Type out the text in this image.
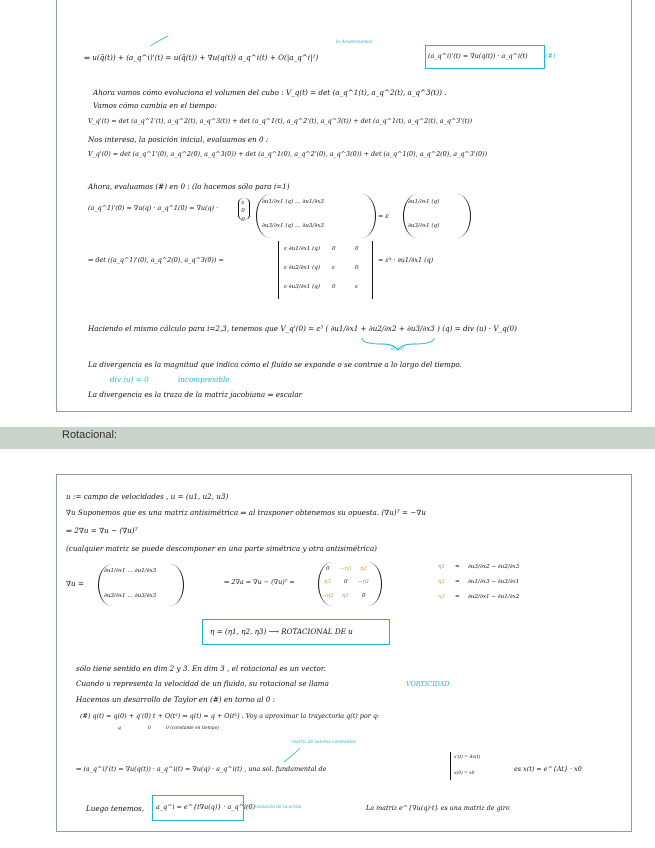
⇒ u(q̃(t)) + (a_q^i)'(t) = u(q̃(t)) + ∇u(q(t)) a_q^i(t) + O(|a_q^i|²)
lo despreciamos
(a_q^i)'(t) = ∇u(q(t)) · a_q^i(t)	(#)
Ahora vamos cómo evoluciona el volumen del cubo : V_q(t) = det (a_q^1(t), a_q^2(t), a_q^3(t)) .
Vamos cómo cambia en el tiempo:
V_q'(t) = det (a_q^1'(t), a_q^2(t), a_q^3(t)) + det (a_q^1(t), a_q^2'(t), a_q^3(t)) + det (a_q^1(t), a_q^2(t), a_q^3'(t))
Nos interesa, la posición inicial, evaluamos en 0 :
V_q'(0) = det (a_q^1'(0), a_q^2(0), a_q^3(0)) + det (a_q^1(0), a_q^2'(0), a_q^3(0)) + det (a_q^1(0), a_q^2(0), a_q^3'(0))
Ahora, evaluamos (#) en 0 : (lo hacemos sólo para i=1)
(a_q^1)'(0) = ∇u(q) · a_q^1(0) = ∇u(q) ·
ε
0
0
∂u1/∂x1 (q) … ∂u1/∂x3
∂u3/∂x1 (q) … ∂u3/∂x3
= ε
∂u1/∂x1 (q)
∂u3/∂x1 (q)
⇒ det ((a_q^1)'(0), a_q^2(0), a_q^3(0)) =
ε ∂u1/∂x1 (q) 0	0
ε ∂u2/∂x1 (q) ε	0
ε ∂u3/∂x1 (q) 0	ε
= ε³ · ∂u1/∂x1 (q)
Haciendo el mismo cálculo para i=2,3, tenemos que V_q'(0) = ε³ ( ∂u1/∂x1 + ∂u2/∂x2 + ∂u3/∂x3 ) (q) = div (u) · V_q(0)
div(u)
La divergencia es la magnitud que indica cómo el fluido se expande o se contrae a lo largo del tiempo.
div (u) = 0	incompresible
La divergencia es la traza de la matriz jacobiana ⇒ escalar
Rotacional:
u := campo de velocidades , u = (u1, u2, u3)
∇u Suponemos que es una matriz antisimétrica ⇒ al trasponer obtenemos su opuesta. (∇u)ᵀ = −∇u
⇒ 2∇u = ∇u − (∇u)ᵀ
(cualquier matriz se puede descomponer en una parte simétrica y otra antisimétrica)
∇u =
∂u1/∂x1 … ∂u1/∂x3
∂u3/∂x1 … ∂u3/∂x3
⇒ 2∇a = ∇u − (∇u)ᵀ =
0 −η3 η2
η3 0 −η1
−η2 η1 0
η1 = ∂u3/∂x2 − ∂u2/∂x3
η2 = ∂u1/∂x3 − ∂u3/∂x1
η3 = ∂u2/∂x1 − ∂u1/∂x2
η = (η1, η2, η3) ⟶ ROTACIONAL DE u
sólo tiene sentido en dim 2 y 3. En dim 3 , el rotacional es un vector.
Cuando u representa la velocidad de un fluido, su rotacional se llama	VORTICIDAD
Hacemos un desarrollo de Taylor en (#) en torno al 0 :
(#) q(t) = q(0) + q'(0) t + O(t²) ⇒ q(t) = q + O(t²) . Voy a aproximar la trayectoria q(t) por q:
q	0	0 (constante en tiempo)
matriz de valores constantes
⇒ (a_q^i)'(t) = ∇u(q(t)) · a_q^i(t) ≈ ∇u(q) · a_q^i(t) , una sol. fundamental de
x'(t) = Ax(t)
x(0) = x0
es x(t) = e^{At} · x0
Luego tenemos, a_q^i = e^{t∇u(q)} · a_q^i(0)
⟶ evolución de la arista	La matriz e^{∇u(q)·t} es una matriz de giro
